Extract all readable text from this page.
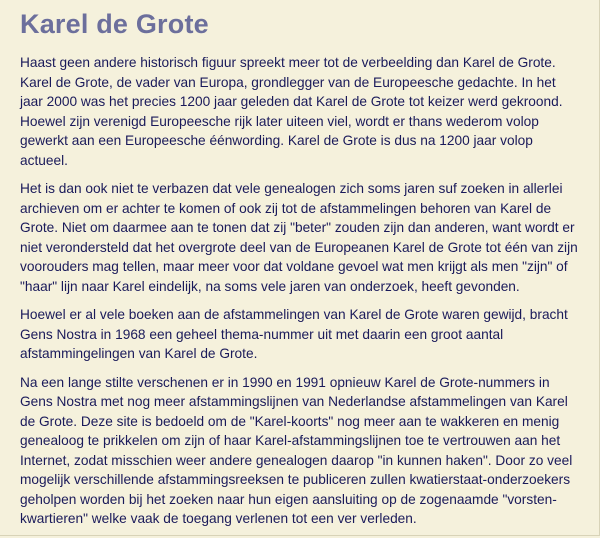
Karel de Grote

Haast geen andere historisch figuur spreekt meer tot de verbeelding dan Karel de Grote. Karel de Grote, de vader van Europa, grondlegger van de Europeesche gedachte. In het jaar 2000 was het precies 1200 jaar geleden dat Karel de Grote tot keizer werd gekroond. Hoewel zijn verenigd Europeesche rijk later uiteen viel, wordt er thans wederom volop gewerkt aan een Europeesche éénwording. Karel de Grote is dus na 1200 jaar volop actueel.

Het is dan ook niet te verbazen dat vele genealogen zich soms jaren suf zoeken in allerlei archieven om er achter te komen of ook zij tot de afstammelingen behoren van Karel de Grote. Niet om daarmee aan te tonen dat zij "beter" zouden zijn dan anderen, want wordt er niet verondersteld dat het overgrote deel van de Europeanen Karel de Grote tot één van zijn voorouders mag tellen, maar meer voor dat voldane gevoel wat men krijgt als men "zijn" of "haar" lijn naar Karel eindelijk, na soms vele jaren van onderzoek, heeft gevonden.

Hoewel er al vele boeken aan de afstammelingen van Karel de Grote waren gewijd, bracht Gens Nostra in 1968 een geheel thema-nummer uit met daarin een groot aantal afstammingelingen van Karel de Grote.

Na een lange stilte verschenen er in 1990 en 1991 opnieuw Karel de Grote-nummers in Gens Nostra met nog meer afstammingslijnen van Nederlandse afstammelingen van Karel de Grote. Deze site is bedoeld om de "Karel-koorts" nog meer aan te wakkeren en menig genealoog te prikkelen om zijn of haar Karel-afstammingslijnen toe te vertrouwen aan het Internet, zodat misschien weer andere genealogen daarop "in kunnen haken". Door zo veel mogelijk verschillende afstammingsreeksen te publiceren zullen kwatierstaat-onderzoekers geholpen worden bij het zoeken naar hun eigen aansluiting op de zogenaamde "vorsten-kwartieren" welke vaak de toegang verlenen tot een ver verleden.
